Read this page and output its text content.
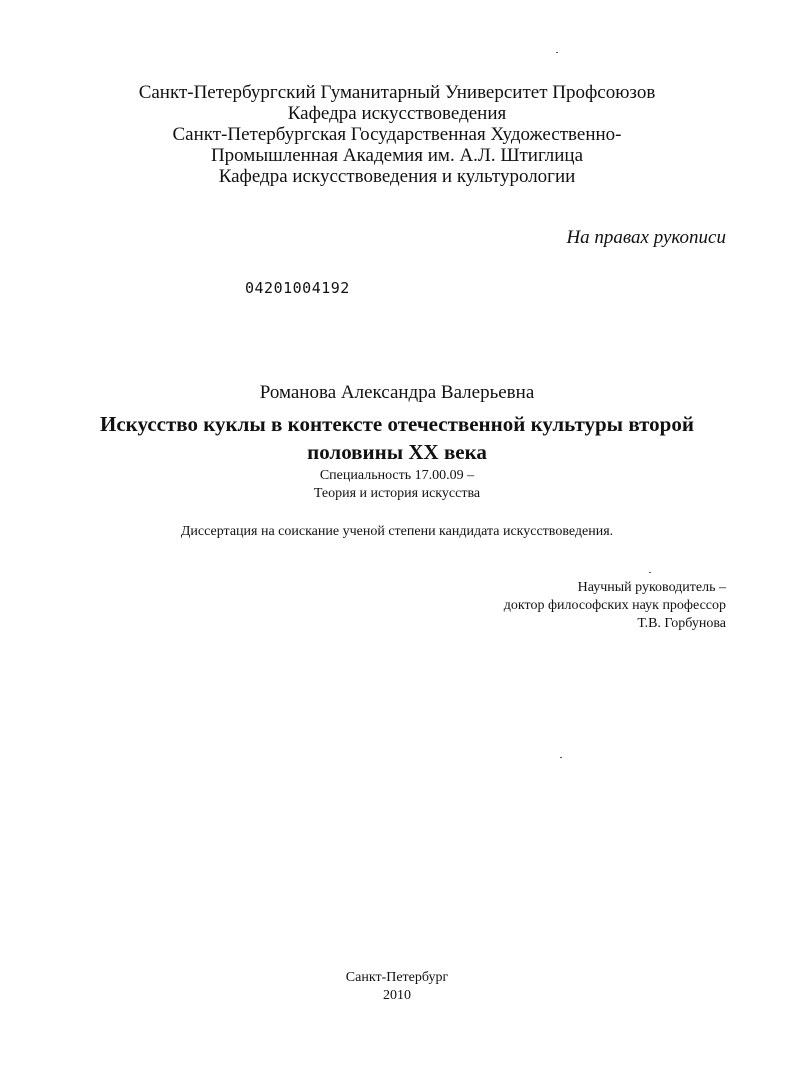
Санкт-Петербургский Гуманитарный Университет Профсоюзов
Кафедра искусствоведения
Санкт-Петербургская Государственная Художественно-
Промышленная Академия им. А.Л. Штиглица
Кафедра искусствоведения и культурологии
На правах рукописи
04201004192
Романова Александра Валерьевна
Искусство куклы в контексте отечественной культуры второй
половины XX века
Специальность 17.00.09 –
Теория и история искусства
Диссертация на соискание ученой степени кандидата искусствоведения.
Научный руководитель –
доктор философских наук профессор
Т.В. Горбунова
Санкт-Петербург
2010
